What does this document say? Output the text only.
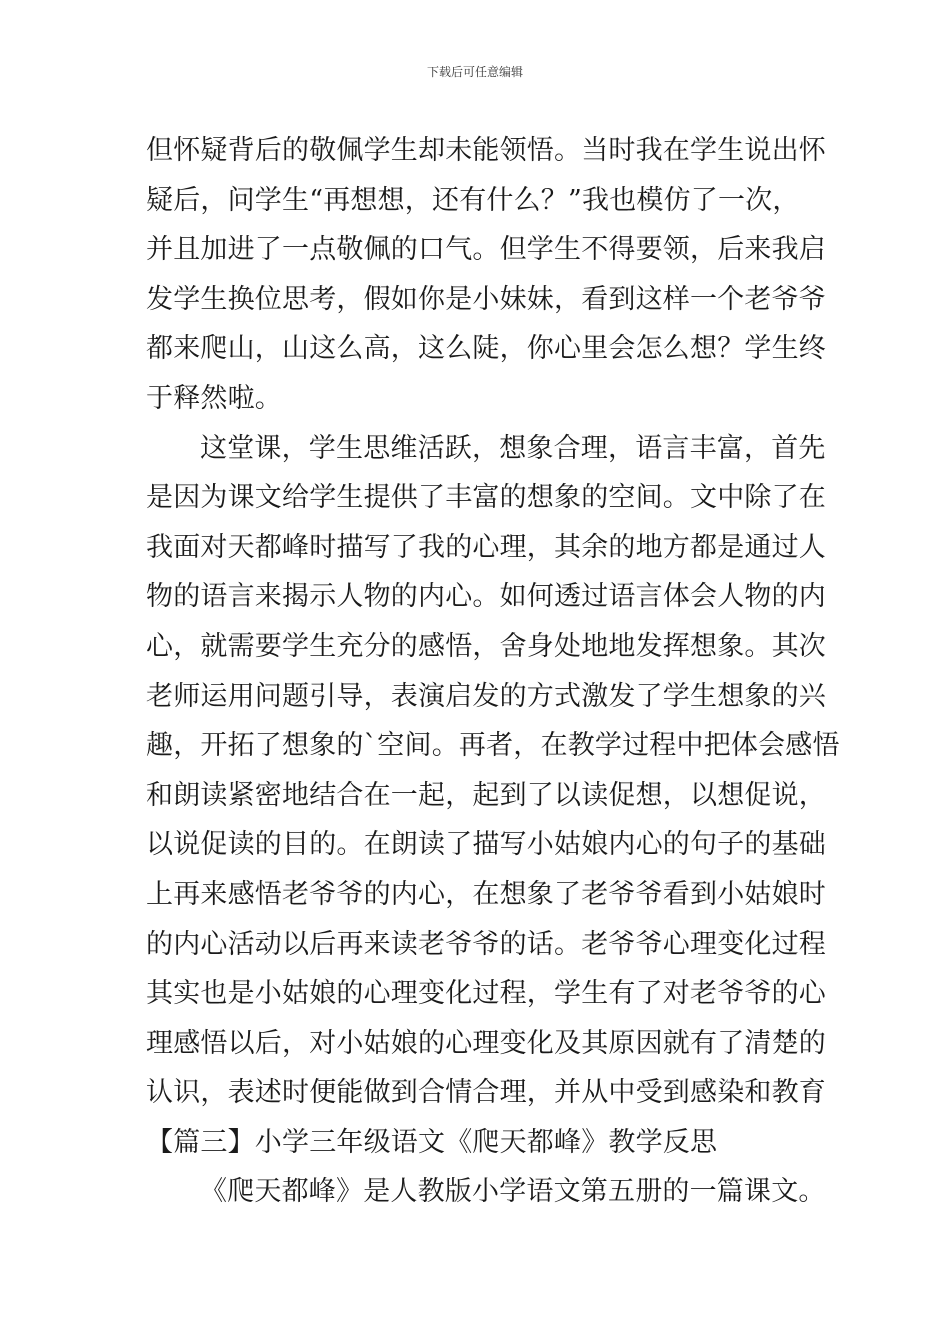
下载后可任意编辑
但怀疑背后的敬佩学生却未能领悟。当时我在学生说出怀
疑后，问学生“再想想，还有什么？”我也模仿了一次，
并且加进了一点敬佩的口气。但学生不得要领，后来我启
发学生换位思考，假如你是小妹妹，看到这样一个老爷爷
都来爬山，山这么高，这么陡，你心里会怎么想？学生终
于释然啦。
这堂课，学生思维活跃，想象合理，语言丰富，首先
是因为课文给学生提供了丰富的想象的空间。文中除了在
我面对天都峰时描写了我的心理，其余的地方都是通过人
物的语言来揭示人物的内心。如何透过语言体会人物的内
心，就需要学生充分的感悟，舍身处地地发挥想象。其次
老师运用问题引导，表演启发的方式激发了学生想象的兴
趣，开拓了想象的`空间。再者，在教学过程中把体会感悟
和朗读紧密地结合在一起，起到了以读促想，以想促说，
以说促读的目的。在朗读了描写小姑娘内心的句子的基础
上再来感悟老爷爷的内心，在想象了老爷爷看到小姑娘时
的内心活动以后再来读老爷爷的话。老爷爷心理变化过程
其实也是小姑娘的心理变化过程，学生有了对老爷爷的心
理感悟以后，对小姑娘的心理变化及其原因就有了清楚的
认识，表述时便能做到合情合理，并从中受到感染和教育
【篇三】小学三年级语文《爬天都峰》教学反思
《爬天都峰》是人教版小学语文第五册的一篇课文。
